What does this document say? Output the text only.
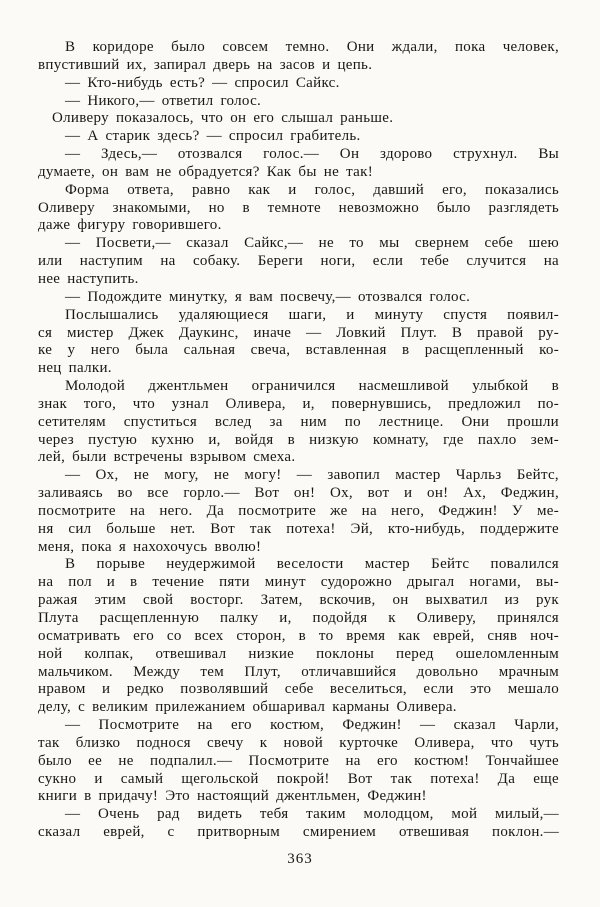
В коридоре было совсем темно. Они ждали, пока человек,
впустивший их, запирал дверь на засов и цепь.
— Кто-нибудь есть? — спросил Сайкс.
— Никого,— ответил голос.
Оливеру показалось, что он его слышал раньше.
— А старик здесь? — спросил грабитель.
— Здесь,— отозвался голос.— Он здорово струхнул. Вы
думаете, он вам не обрадуется? Как бы не так!
Форма ответа, равно как и голос, давший его, показались
Оливеру знакомыми, но в темноте невозможно было разглядеть
даже фигуру говорившего.
— Посвети,— сказал Сайкс,— не то мы свернем себе шею
или наступим на собаку. Береги ноги, если тебе случится на
нее наступить.
— Подождите минутку, я вам посвечу,— отозвался голос.
Послышались удаляющиеся шаги, и минуту спустя появил-
ся мистер Джек Даукинс, иначе — Ловкий Плут. В правой ру-
ке у него была сальная свеча, вставленная в расщепленный ко-
нец палки.
Молодой джентльмен ограничился насмешливой улыбкой в
знак того, что узнал Оливера, и, повернувшись, предложил по-
сетителям спуститься вслед за ним по лестнице. Они прошли
через пустую кухню и, войдя в низкую комнату, где пахло зем-
лей, были встречены взрывом смеха.
— Ох, не могу, не могу! — завопил мастер Чарльз Бейтс,
заливаясь во все горло.— Вот он! Ох, вот и он! Ах, Феджин,
посмотрите на него. Да посмотрите же на него, Феджин! У ме-
ня сил больше нет. Вот так потеха! Эй, кто-нибудь, поддержите
меня, пока я нахохочусь вволю!
В порыве неудержимой веселости мастер Бейтс повалился
на пол и в течение пяти минут судорожно дрыгал ногами, вы-
ражая этим свой восторг. Затем, вскочив, он выхватил из рук
Плута расщепленную палку и, подойдя к Оливеру, принялся
осматривать его со всех сторон, в то время как еврей, сняв ноч-
ной колпак, отвешивал низкие поклоны перед ошеломленным
мальчиком. Между тем Плут, отличавшийся довольно мрачным
нравом и редко позволявший себе веселиться, если это мешало
делу, с великим прилежанием обшаривал карманы Оливера.
— Посмотрите на его костюм, Феджин! — сказал Чарли,
так близко поднося свечу к новой курточке Оливера, что чуть
было ее не подпалил.— Посмотрите на его костюм! Тончайшее
сукно и самый щегольской покрой! Вот так потеха! Да еще
книги в придачу! Это настоящий джентльмен, Феджин!
— Очень рад видеть тебя таким молодцом, мой милый,—
сказал еврей, с притворным смирением отвешивая поклон.—
363
